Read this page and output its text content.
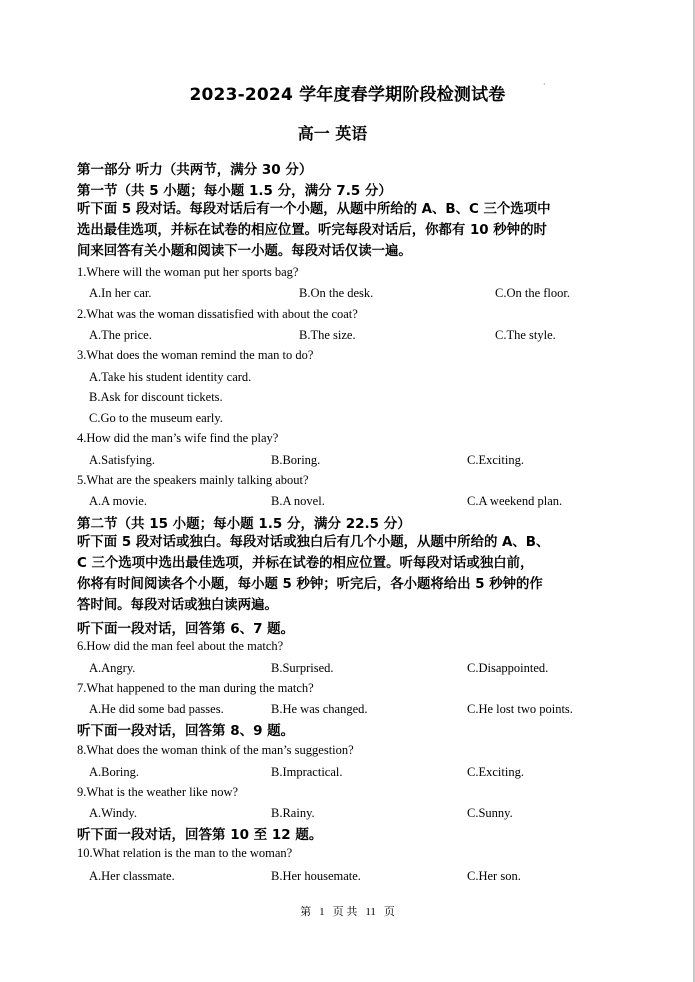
2023-2024 学年度春学期阶段检测试卷
·
高一 英语
第一部分 听力（共两节，满分 30 分）
第一节（共 5 小题；每小题 1.5 分，满分 7.5 分）
听下面 5 段对话。每段对话后有一个小题，从题中所给的 A、B、C 三个选项中
选出最佳选项，并标在试卷的相应位置。听完每段对话后，你都有 10 秒钟的时
间来回答有关小题和阅读下一小题。每段对话仅读一遍。
1.Where will the woman put her sports bag?
A.In her car.	B.On the desk.	C.On the floor.
2.What was the woman dissatisfied with about the coat?
A.The price.	B.The size.	C.The style.
3.What does the woman remind the man to do?
A.Take his student identity card.
B.Ask for discount tickets.
C.Go to the museum early.
4.How did the man’s wife find the play?
A.Satisfying.	B.Boring.	C.Exciting.
5.What are the speakers mainly talking about?
A.A movie.	B.A novel.	C.A weekend plan.
第二节（共 15 小题；每小题 1.5 分，满分 22.5 分）
听下面 5 段对话或独白。每段对话或独白后有几个小题，从题中所给的 A、B、
C 三个选项中选出最佳选项，并标在试卷的相应位置。听每段对话或独白前，
你将有时间阅读各个小题，每小题 5 秒钟；听完后，各小题将给出 5 秒钟的作
答时间。每段对话或独白读两遍。
听下面一段对话，回答第 6、7 题。
6.How did the man feel about the match?
A.Angry.	B.Surprised.	C.Disappointed.
7.What happened to the man during the match?
A.He did some bad passes.	B.He was changed.	C.He lost two points.
听下面一段对话，回答第 8、9 题。
8.What does the woman think of the man’s suggestion?
A.Boring.	B.Impractical.	C.Exciting.
9.What is the weather like now?
A.Windy.	B.Rainy.	C.Sunny.
听下面一段对话，回答第 10 至 12 题。
10.What relation is the man to the woman?
A.Her classmate.	B.Her housemate.	C.Her son.
第 1 页 共 11 页
